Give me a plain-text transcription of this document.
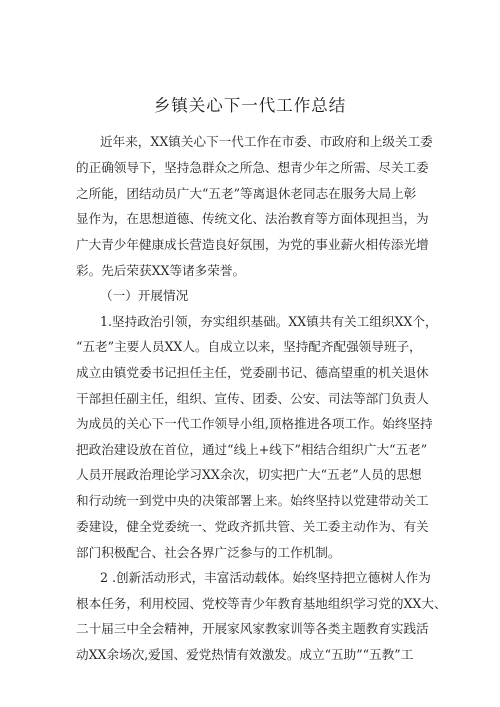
乡镇关心下一代工作总结
近年来，XX镇关心下一代工作在市委、市政府和上级关工委
的正确领导下，坚持急群众之所急、想青少年之所需、尽关工委
之所能，团结动员广大“五老”等离退休老同志在服务大局上彰
显作为，在思想道德、传统文化、法治教育等方面体现担当，为
广大青少年健康成长营造良好氛围，为党的事业薪火相传添光增
彩。先后荣获XX等诸多荣誉。
（一）开展情况
1.坚持政治引领，夯实组织基础。XX镇共有关工组织XX个，
“五老”主要人员XX人。自成立以来，坚持配齐配强领导班子，
成立由镇党委书记担任主任，党委副书记、德高望重的机关退休
干部担任副主任，组织、宣传、团委、公安、司法等部门负责人
为成员的关心下一代工作领导小组,顶格推进各项工作。始终坚持
把政治建设放在首位，通过“线上+线下”相结合组织广大“五老”
人员开展政治理论学习XX余次，切实把广大“五老”人员的思想
和行动统一到党中央的决策部署上来。始终坚持以党建带动关工
委建设，健全党委统一、党政齐抓共管、关工委主动作为、有关
部门积极配合、社会各界广泛参与的工作机制。
2 .创新活动形式，丰富活动载体。始终坚持把立德树人作为
根本任务，利用校园、党校等青少年教育基地组织学习党的XX大、
二十届三中全会精神，开展家风家教家训等各类主题教育实践活
动XX余场次,爱国、爱党热情有效激发。成立“五助”“五教”工
